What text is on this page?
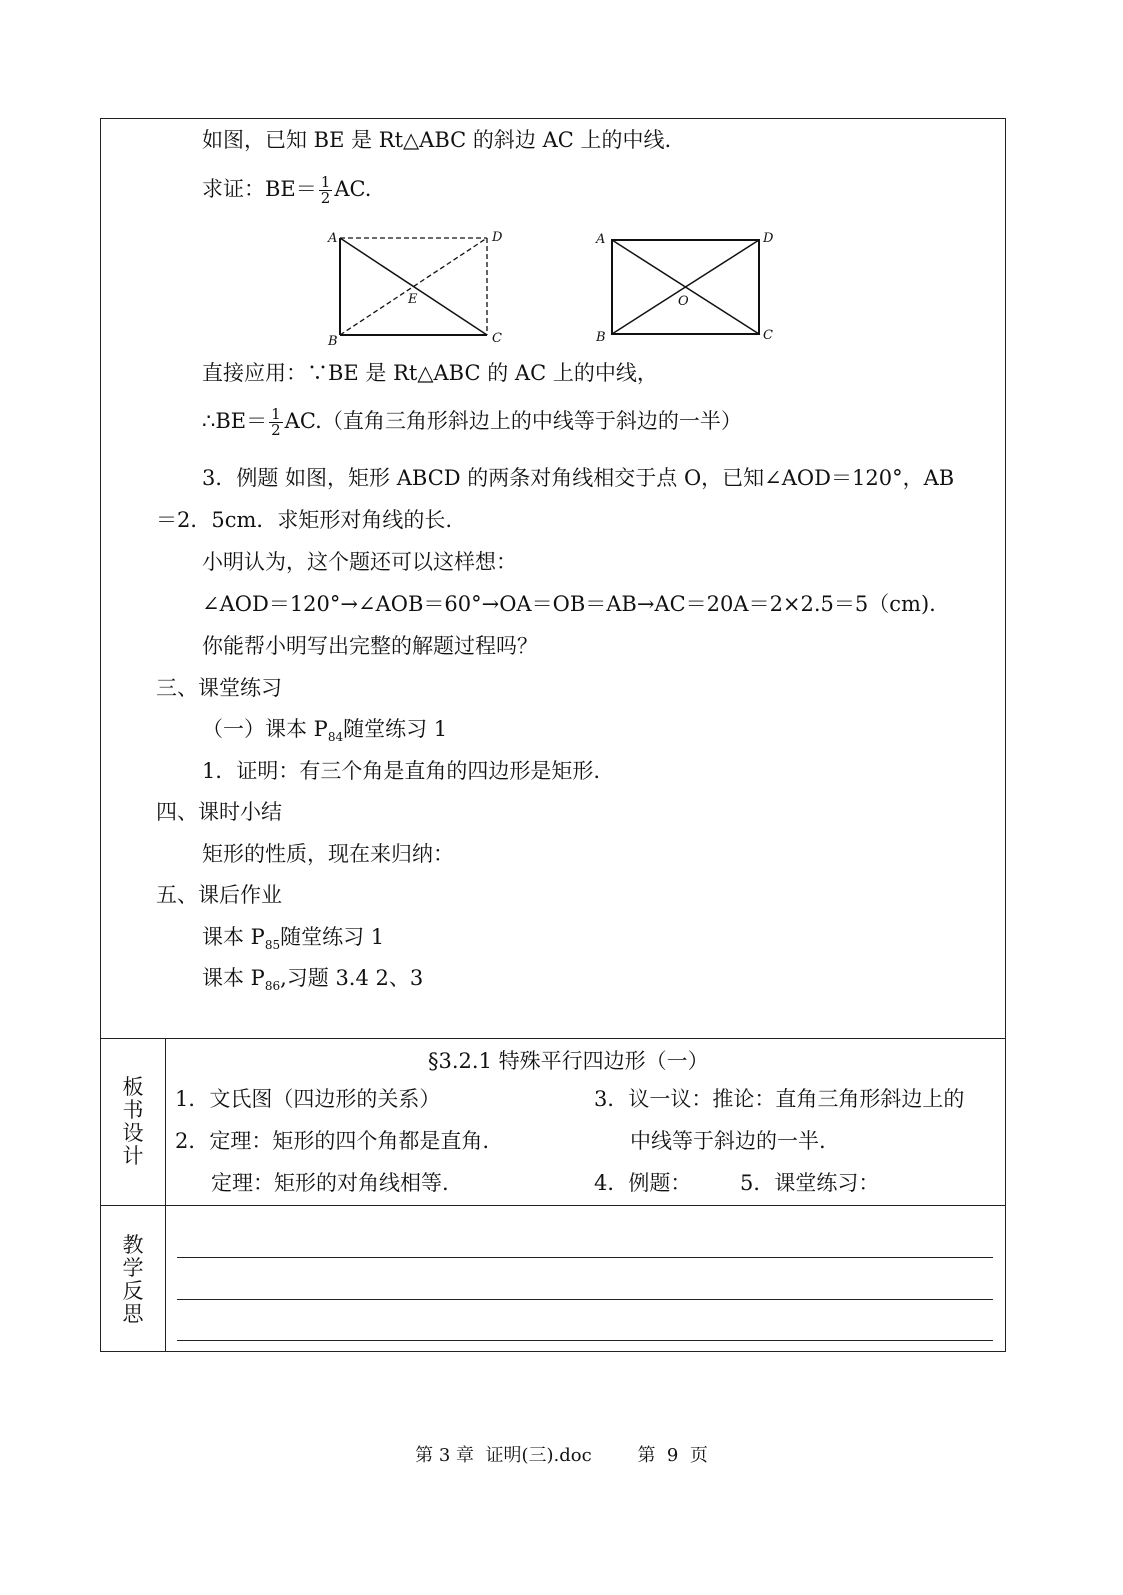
如图，已知 BE 是 Rt△ABC 的斜边 AC 上的中线.
求证：$BE= \frac{1}{2}$ AC.
A	D
E
B	C
A	D
O
B	C
直接应用：∵BE 是 Rt△ABC 的 AC 上的中线，
∴BE＝ $\frac{1}{2} AC$.（直角三角形斜边上的中线等于斜边的一半）
3．例题 如图，矩形 ABCD 的两条对角线相交于点 O，已知∠AOD＝120°，AB
＝2．5cm．求矩形对角线的长.
小明认为，这个题还可以这样想：
∠AOD＝120°→∠AOB＝60°→OA＝OB＝AB→AC＝20A＝2×2.5＝5（cm).
你能帮小明写出完整的解题过程吗？
三、课堂练习
（一）课本 $P_{84}$随堂练习 1
1．证明：有三个角是直角的四边形是矩形.
四、课时小结
矩形的性质，现在来归纳：
五、课后作业
课本 $P_{85}$随堂练习 1
课本 $P_{86}$,习题 3.4 2、3
板书设计
§3.2.1 特殊平行四边形（一）
1．文氏图（四边形的关系）
2．定理：矩形的四个角都是直角.
定理：矩形的对角线相等.
3．议一议：推论：直角三角形斜边上的
中线等于斜边的一半.
4．例题： 5．课堂练习：
教学反思
第 3 章  证明(三).doc	第  9  页
